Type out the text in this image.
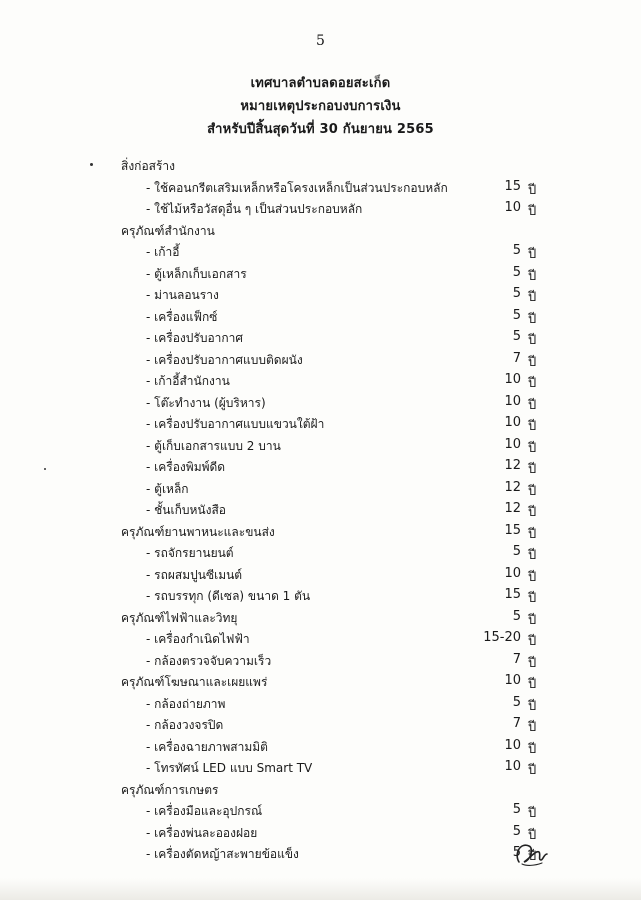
5
เทศบาลตำบลดอยสะเก็ด
หมายเหตุประกอบงบการเงิน
สำหรับปีสิ้นสุดวันที่ 30 กันยายน 2565
สิ่งก่อสร้าง
- ใช้คอนกรีตเสริมเหล็กหรือโครงเหล็กเป็นส่วนประกอบหลัก	15 ปี
- ใช้ไม้หรือวัสดุอื่น ๆ เป็นส่วนประกอบหลัก	10 ปี
ครุภัณฑ์สำนักงาน
- เก้าอี้	5 ปี
- ตู้เหล็กเก็บเอกสาร	5 ปี
- ม่านลอนราง	5 ปี
- เครื่องแฟ็กซ์	5 ปี
- เครื่องปรับอากาศ	5 ปี
- เครื่องปรับอากาศแบบติดผนัง	7 ปี
- เก้าอี้สำนักงาน	10 ปี
- โต๊ะทำงาน (ผู้บริหาร)	10 ปี
- เครื่องปรับอากาศแบบแขวนใต้ฝ้า	10 ปี
- ตู้เก็บเอกสารแบบ 2 บาน	10 ปี
- เครื่องพิมพ์ดีด	12 ปี
- ตู้เหล็ก	12 ปี
- ชั้นเก็บหนังสือ	12 ปี
ครุภัณฑ์ยานพาหนะและขนส่ง	15 ปี
- รถจักรยานยนต์	5 ปี
- รถผสมปูนซีเมนต์	10 ปี
- รถบรรทุก (ดีเซล) ขนาด 1 ตัน	15 ปี
ครุภัณฑ์ไฟฟ้าและวิทยุ	5 ปี
- เครื่องกำเนิดไฟฟ้า	15-20 ปี
- กล้องตรวจจับความเร็ว	7 ปี
ครุภัณฑ์โฆษณาและเผยแพร่	10 ปี
- กล้องถ่ายภาพ	5 ปี
- กล้องวงจรปิด	7 ปี
- เครื่องฉายภาพสามมิติ	10 ปี
- โทรทัศน์ LED แบบ Smart TV	10 ปี
ครุภัณฑ์การเกษตร
- เครื่องมือและอุปกรณ์	5 ปี
- เครื่องพ่นละอองฝอย	5 ปี
- เครื่องตัดหญ้าสะพายข้อแข็ง	5 ปี
